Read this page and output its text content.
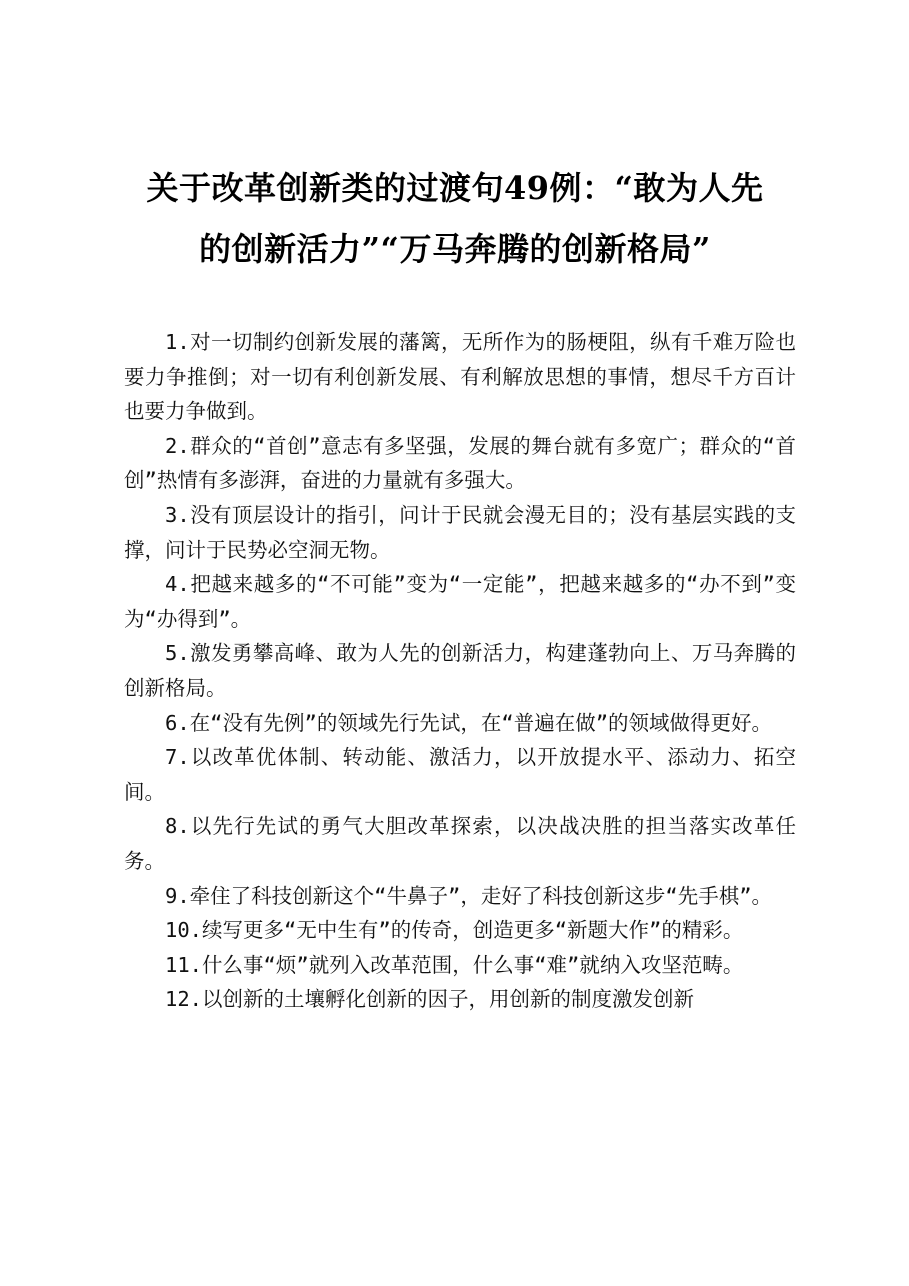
关于改革创新类的过渡句49例：“敢为人先
的创新活力”“万马奔腾的创新格局”

1.对一切制约创新发展的藩篱，无所作为的肠梗阻，纵有千难万险也要力争推倒；对一切有利创新发展、有利解放思想的事情，想尽千方百计也要力争做到。

2.群众的“首创”意志有多坚强，发展的舞台就有多宽广；群众的“首创”热情有多澎湃，奋进的力量就有多强大。

3.没有顶层设计的指引，问计于民就会漫无目的；没有基层实践的支撑，问计于民势必空洞无物。

4.把越来越多的“不可能”变为“一定能”，把越来越多的“办不到”变为“办得到”。

5.激发勇攀高峰、敢为人先的创新活力，构建蓬勃向上、万马奔腾的创新格局。

6.在“没有先例”的领域先行先试，在“普遍在做”的领域做得更好。

7.以改革优体制、转动能、激活力，以开放提水平、添动力、拓空间。

8.以先行先试的勇气大胆改革探索，以决战决胜的担当落实改革任务。

9.牵住了科技创新这个“牛鼻子”，走好了科技创新这步“先手棋”。

10.续写更多“无中生有”的传奇，创造更多“新题大作”的精彩。

11.什么事“烦”就列入改革范围，什么事“难”就纳入攻坚范畴。

12.以创新的土壤孵化创新的因子，用创新的制度激发创新
